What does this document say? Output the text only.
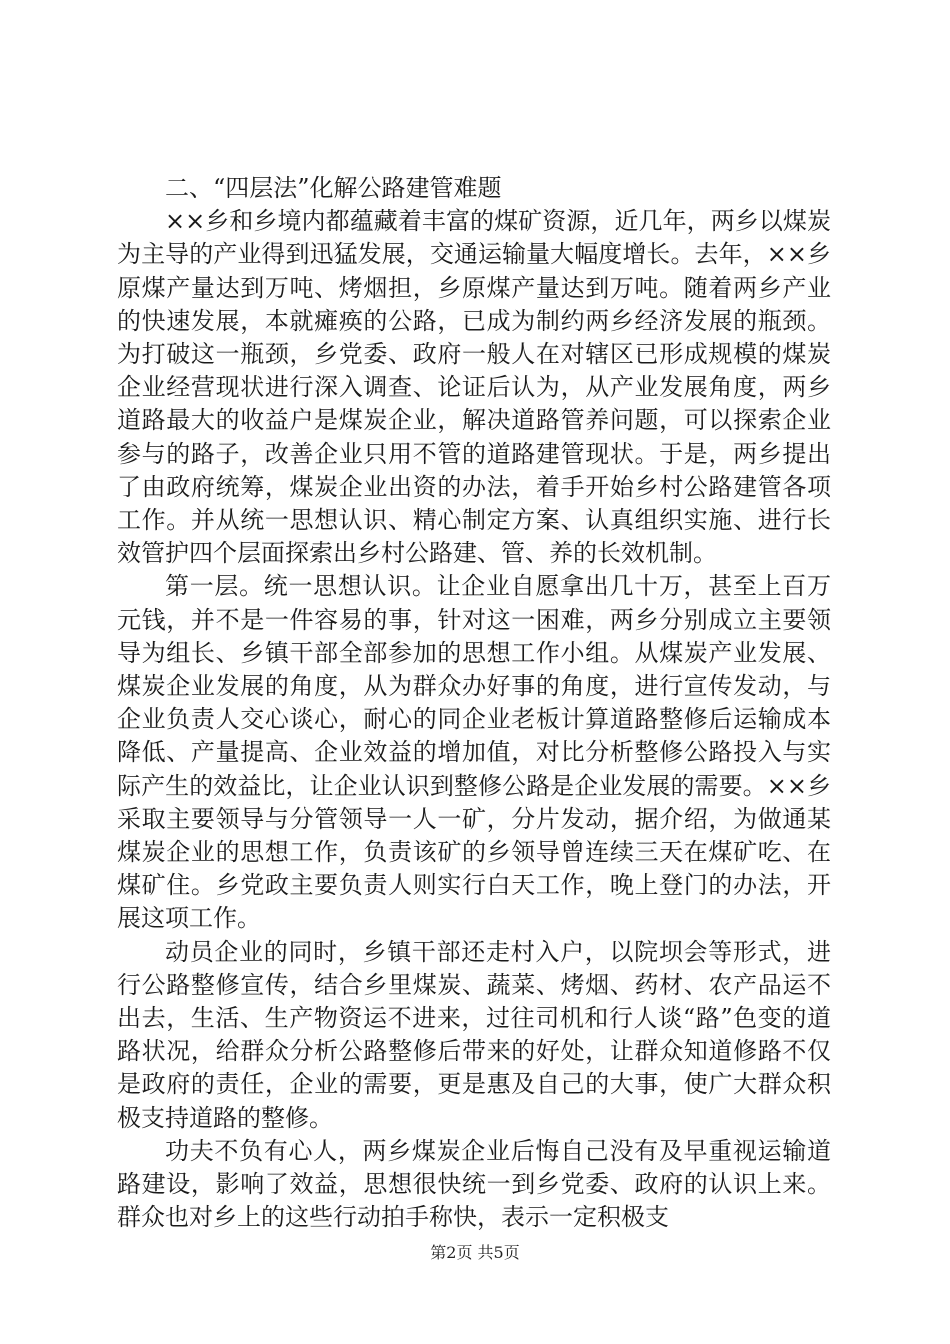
二、“四层法”化解公路建管难题

××乡和乡境内都蕴藏着丰富的煤矿资源，近几年，两乡以煤炭为主导的产业得到迅猛发展，交通运输量大幅度增长。去年，××乡原煤产量达到万吨、烤烟担，乡原煤产量达到万吨。随着两乡产业的快速发展，本就瘫痪的公路，已成为制约两乡经济发展的瓶颈。为打破这一瓶颈，乡党委、政府一般人在对辖区已形成规模的煤炭企业经营现状进行深入调查、论证后认为，从产业发展角度，两乡道路最大的收益户是煤炭企业，解决道路管养问题，可以探索企业参与的路子，改善企业只用不管的道路建管现状。于是，两乡提出了由政府统筹，煤炭企业出资的办法，着手开始乡村公路建管各项工作。并从统一思想认识、精心制定方案、认真组织实施、进行长效管护四个层面探索出乡村公路建、管、养的长效机制。

第一层。统一思想认识。让企业自愿拿出几十万，甚至上百万元钱，并不是一件容易的事，针对这一困难，两乡分别成立主要领导为组长、乡镇干部全部参加的思想工作小组。从煤炭产业发展、煤炭企业发展的角度，从为群众办好事的角度，进行宣传发动，与企业负责人交心谈心，耐心的同企业老板计算道路整修后运输成本降低、产量提高、企业效益的增加值，对比分析整修公路投入与实际产生的效益比，让企业认识到整修公路是企业发展的需要。××乡采取主要领导与分管领导一人一矿，分片发动，据介绍，为做通某煤炭企业的思想工作，负责该矿的乡领导曾连续三天在煤矿吃、在煤矿住。乡党政主要负责人则实行白天工作，晚上登门的办法，开展这项工作。

动员企业的同时，乡镇干部还走村入户，以院坝会等形式，进行公路整修宣传，结合乡里煤炭、蔬菜、烤烟、药材、农产品运不出去，生活、生产物资运不进来，过往司机和行人谈“路”色变的道路状况，给群众分析公路整修后带来的好处，让群众知道修路不仅是政府的责任，企业的需要，更是惠及自己的大事，使广大群众积极支持道路的整修。

功夫不负有心人，两乡煤炭企业后悔自己没有及早重视运输道路建设，影响了效益，思想很快统一到乡党委、政府的认识上来。群众也对乡上的这些行动拍手称快，表示一定积极支

第2页 共5页
